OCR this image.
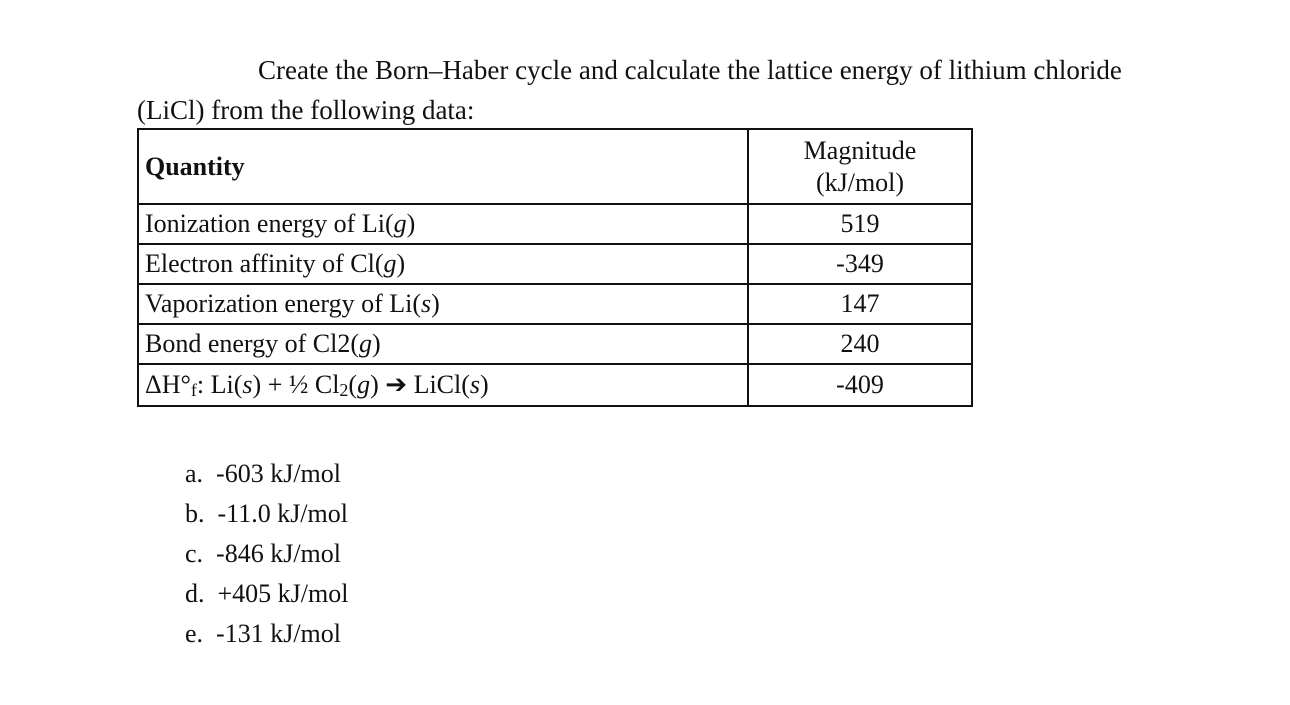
Create the Born–Haber cycle and calculate the lattice energy of lithium chloride
(LiCl) from the following data:

Quantity	Magnitude
(kJ/mol)
Ionization energy of Li(g)	519
Electron affinity of Cl(g)	-349
Vaporization energy of Li(s)	147
Bond energy of Cl2(g)	240
ΔH°f: Li(s) + ½ Cl2(g) ➔ LiCl(s)	-409
a. -603 kJ/mol
b. -11.0 kJ/mol
c. -846 kJ/mol
d. +405 kJ/mol
e. -131 kJ/mol
